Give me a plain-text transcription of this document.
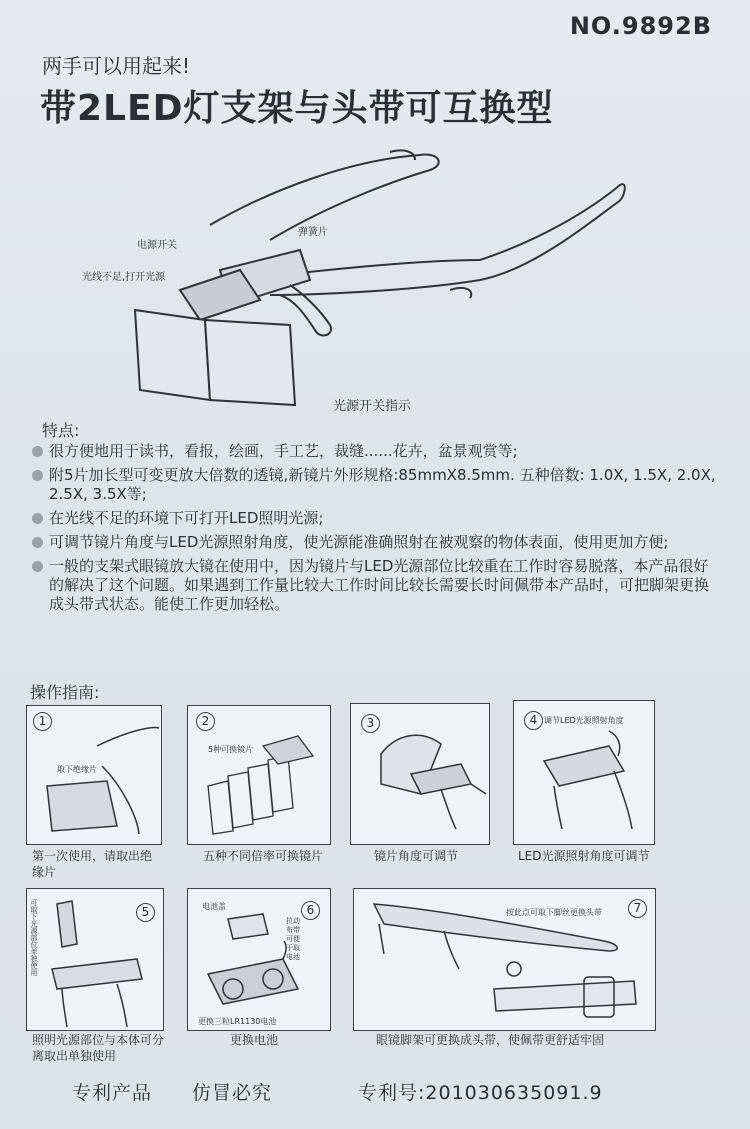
NO.9892B
两手可以用起来!
带2LED灯支架与头带可互换型
电源开关
弹簧片
光线不足,打开光源
光源开关指示
特点:
很方便地用于读书，看报，绘画，手工艺，裁缝......花卉，盆景观赏等;
附5片加长型可变更放大倍数的透镜,新镜片外形规格:85mmX8.5mm. 五种倍数: 1.0X, 1.5X, 2.0X, 2.5X, 3.5X等;
在光线不足的环境下可打开LED照明光源;
可调节镜片角度与LED光源照射角度，使光源能准确照射在被观察的物体表面，使用更加方便;
一般的支架式眼镜放大镜在使用中，因为镜片与LED光源部位比较重在工作时容易脱落，本产品很好的解决了这个问题。如果遇到工作量比较大工作时间比较长需要长时间佩带本产品时，可把脚架更换成头带式状态。能使工作更加轻松。
操作指南:
1
取下绝缘片
第一次使用，请取出绝缘片
2
5种可换镜片
五种不同倍率可换镜片
3
镜片角度可调节
4 调节LED光源照射角度
LED光源照射角度可调节
5
可取下光源部位单独使用
照明光源部位与本体可分离取出单独使用
6
电池盖
拉动布带可便于取电池
更换三粒LR1130电池
更换电池
7
按此点可取下脚丝更换头带
眼镜脚架可更换成头带，使佩带更舒适牢固
专利产品 仿冒必究	专利号:201030635091.9
